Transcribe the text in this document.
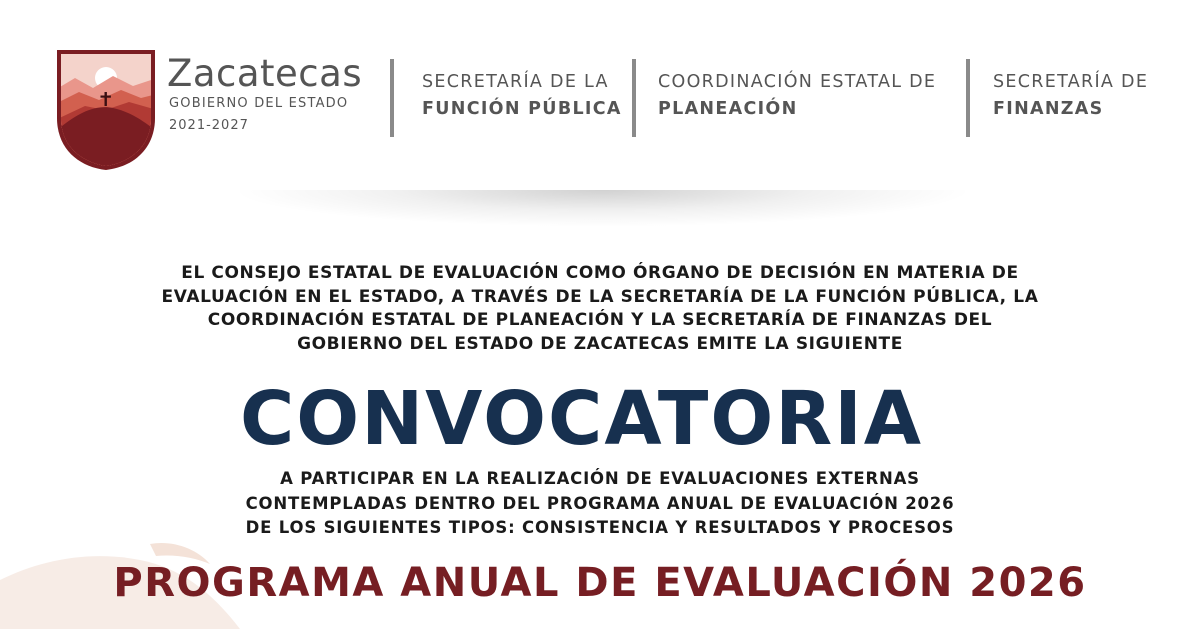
Zacatecas
GOBIERNO DEL ESTADO
2021-2027
SECRETARÍA DE LA
FUNCIÓN PÚBLICA
COORDINACIÓN ESTATAL DE
PLANEACIÓN
SECRETARÍA DE
FINANZAS
EL CONSEJO ESTATAL DE EVALUACIÓN COMO ÓRGANO DE DECISIÓN EN MATERIA DE
EVALUACIÓN EN EL ESTADO, A TRAVÉS DE LA SECRETARÍA DE LA FUNCIÓN PÚBLICA, LA
COORDINACIÓN ESTATAL DE PLANEACIÓN Y LA SECRETARÍA DE FINANZAS DEL
GOBIERNO DEL ESTADO DE ZACATECAS EMITE LA SIGUIENTE
CONVOCATORIA
A PARTICIPAR EN LA REALIZACIÓN DE EVALUACIONES EXTERNAS
CONTEMPLADAS DENTRO DEL PROGRAMA ANUAL DE EVALUACIÓN 2026
DE LOS SIGUIENTES TIPOS: CONSISTENCIA Y RESULTADOS Y PROCESOS
PROGRAMA ANUAL DE EVALUACIÓN 2026
